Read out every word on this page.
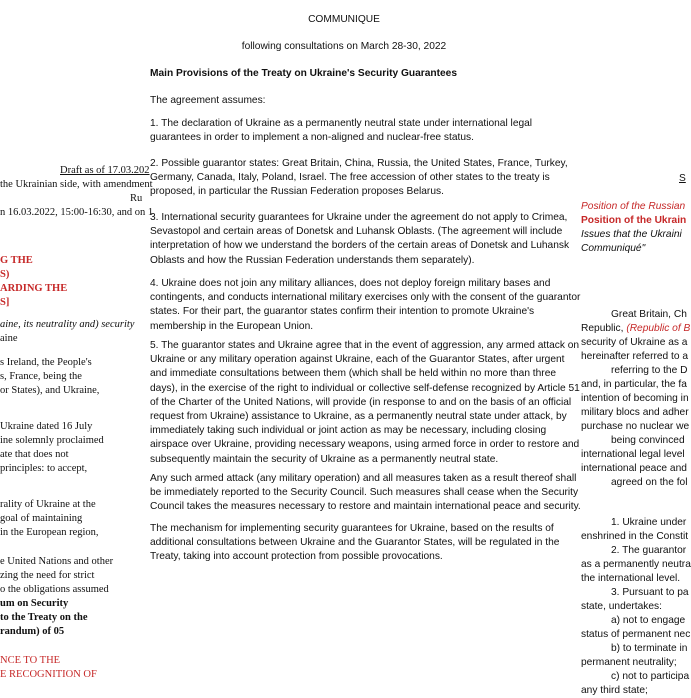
Draft as of 17.03.202
the Ukrainian side, with amendment
Ru
n 16.03.2022, 15:00-16:30, and on 1
G THE
S)
ARDING THE
S]
aine, its neutrality and) security
aine
s Ireland, the People's
s, France, being the
or States), and Ukraine,
Ukraine dated 16 July
ine solemnly proclaimed
ate that does not
principles: to accept,
rality of Ukraine at the
goal of maintaining
in the European region,
e United Nations and other
zing the need for strict
o the obligations assumed
um on Security
to the Treaty on the
randum) of 05
NCE TO THE
E RECOGNITION OF
COMMUNIQUE
following consultations on March 28-30, 2022

Main Provisions of the Treaty on Ukraine's Security Guarantees

The agreement assumes:

1. The declaration of Ukraine as a permanently neutral state under international legal

guarantees in order to implement a non-aligned and nuclear-free status.

2. Possible guarantor states: Great Britain, China, Russia, the United States, France, Turkey,

Germany, Canada, Italy, Poland, Israel. The free accession of other states to the treaty is

proposed, in particular the Russian Federation proposes Belarus.

3. International security guarantees for Ukraine under the agreement do not apply to Crimea,

Sevastopol and certain areas of Donetsk and Luhansk Oblasts. (The agreement will include

interpretation of how we understand the borders of the certain areas of Donetsk and Luhansk

Oblasts and how the Russian Federation understands them separately).

4. Ukraine does not join any military alliances, does not deploy foreign military bases and

contingents, and conducts international military exercises only with the consent of the guarantor

states. For their part, the guarantor states confirm their intention to promote Ukraine's

membership in the European Union.

5. The guarantor states and Ukraine agree that in the event of aggression, any armed attack on

Ukraine or any military operation against Ukraine, each of the Guarantor States, after urgent

and immediate consultations between them (which shall be held within no more than three

days), in the exercise of the right to individual or collective self-defense recognized by Article 51

of the Charter of the United Nations, will provide (in response to and on the basis of an official

request from Ukraine) assistance to Ukraine, as a permanently neutral state under attack, by

immediately taking such individual or joint action as may be necessary, including closing

airspace over Ukraine, providing necessary weapons, using armed force in order to restore and

subsequently maintain the security of Ukraine as a permanently neutral state.

Any such armed attack (any military operation) and all measures taken as a result thereof shall

be immediately reported to the Security Council. Such measures shall cease when the Security

Council takes the measures necessary to restore and maintain international peace and security.

The mechanism for implementing security guarantees for Ukraine, based on the results of

additional consultations between Ukraine and the Guarantor States, will be regulated in the

Treaty, taking into account protection from possible provocations.

S
Position of the Russian
Position of the Ukrain
Issues that the Ukraini
Communiqué"
Great Britain, Ch
Republic, (Republic of B
security of Ukraine as a
hereinafter referred to a
referring to the D
and, in particular, the fa
intention of becoming in
military blocs and adher
purchase no nuclear we
being convinced
international legal level
international peace and
agreed on the fol
1. Ukraine under
enshrined in the Constit
2. The guarantor
as a permanently neutra
the international level.
3. Pursuant to pa
state, undertakes:
a) not to engage
status of permanent nec
b) to terminate in
permanent neutrality;
c) not to participa
any third state;
